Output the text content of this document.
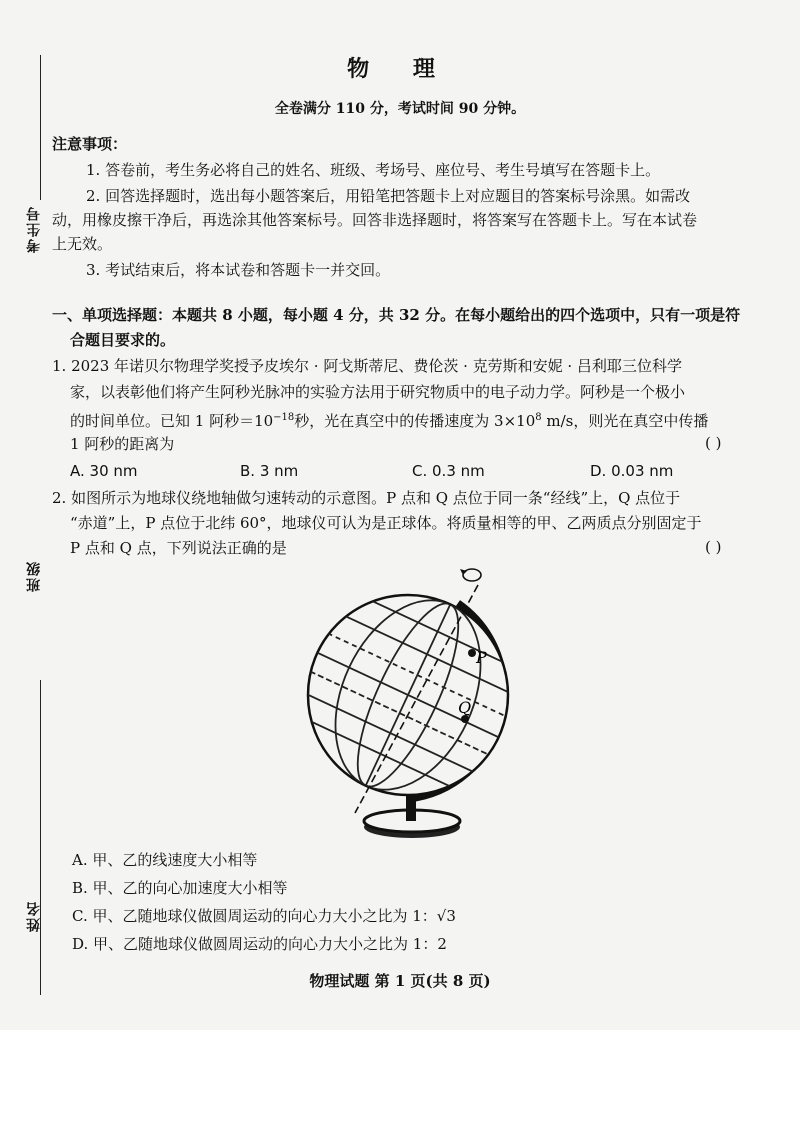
考生号
班级
姓名
物 理
全卷满分 110 分，考试时间 90 分钟。
注意事项：
1. 答卷前，考生务必将自己的姓名、班级、考场号、座位号、考生号填写在答题卡上。
2. 回答选择题时，选出每小题答案后，用铅笔把答题卡上对应题目的答案标号涂黑。如需改
动，用橡皮擦干净后，再选涂其他答案标号。回答非选择题时，将答案写在答题卡上。写在本试卷
上无效。
3. 考试结束后，将本试卷和答题卡一并交回。
一、单项选择题：本题共 8 小题，每小题 4 分，共 32 分。在每小题给出的四个选项中，只有一项是符
合题目要求的。
1. 2023 年诺贝尔物理学奖授予皮埃尔 · 阿戈斯蒂尼、费伦茨 · 克劳斯和安妮 · 吕利耶三位科学
家，以表彰他们将产生阿秒光脉冲的实验方法用于研究物质中的电子动力学。阿秒是一个极小
的时间单位。已知 1 阿秒$=10^{-18}$秒，光在真空中的传播速度为 $3\times 10^8$ m/s，则光在真空中传播
1 阿秒的距离为	( )
A. 30 nm	B. 3 nm	C. 0.3 nm	D. 0.03 nm
2. 如图所示为地球仪绕地轴做匀速转动的示意图。P 点和 Q 点位于同一条“经线”上，Q 点位于
“赤道”上，P 点位于北纬 60°，地球仪可认为是正球体。将质量相等的甲、乙两质点分别固定于
P 点和 Q 点，下列说法正确的是	( )
P
Q
A. 甲、乙的线速度大小相等
B. 甲、乙的向心加速度大小相等
C. 甲、乙随地球仪做圆周运动的向心力大小之比为 1：√3
D. 甲、乙随地球仪做圆周运动的向心力大小之比为 1：2
物理试题 第 1 页(共 8 页)
